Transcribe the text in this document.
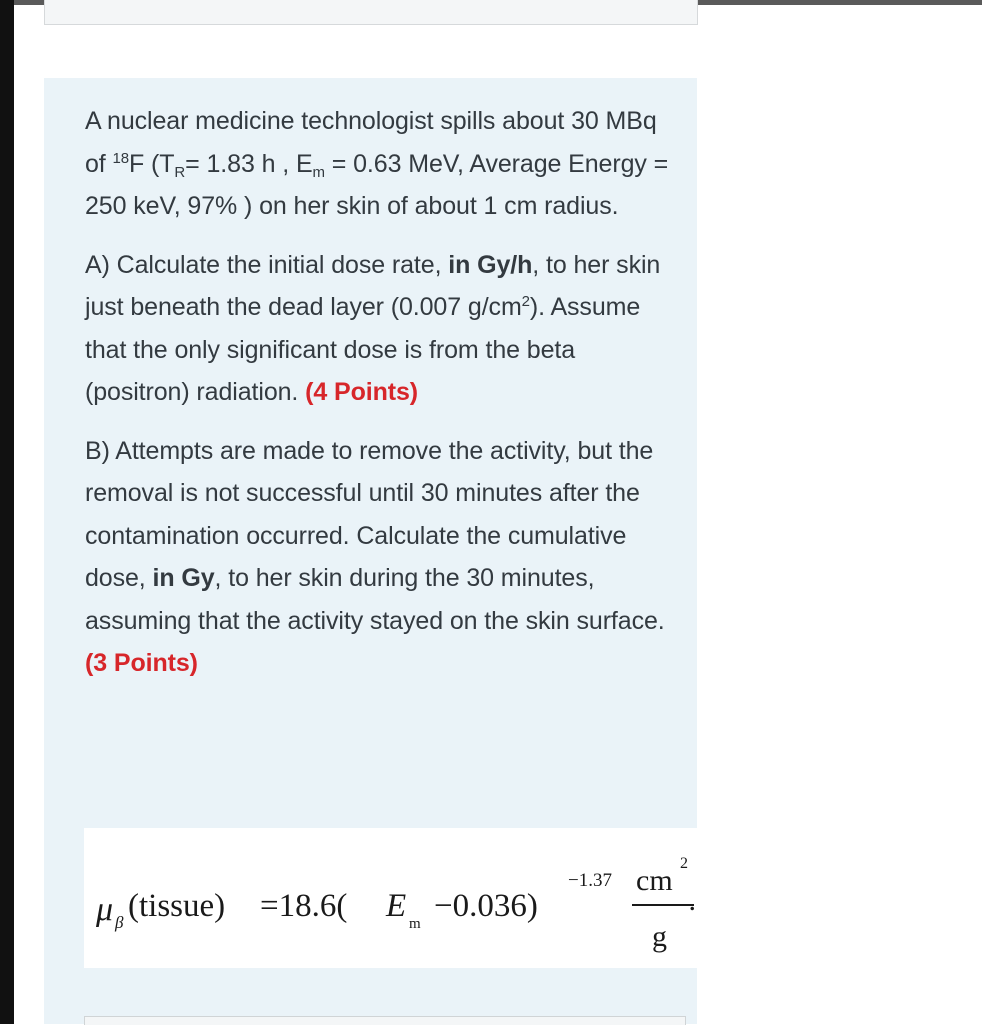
A nuclear medicine technologist spills about 30 MBq of $^{18}$F ($T_R= 1.83$ h , $E_m = 0.63$ MeV, Average Energy = 250 keV, 97% ) on her skin of about 1 cm radius.

A) Calculate the initial dose rate, in Gy/h, to her skin just beneath the dead layer (0.007 $g/cm^2$). Assume that the only significant dose is from the beta (positron) radiation. (4 Points)

B) Attempts are made to remove the activity, but the removal is not successful until 30 minutes after the contamination occurred. Calculate the cumulative dose, in Gy, to her skin during the 30 minutes, assuming that the activity stayed on the skin surface. (3 Points)

μ β (tissue) =18.6( E m −0.036)
−1.37 cm
2
g
.
